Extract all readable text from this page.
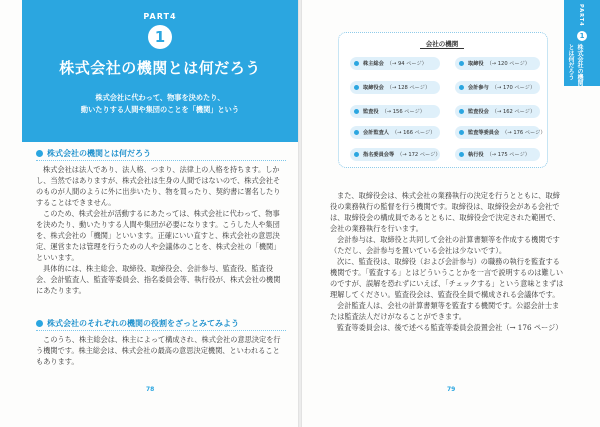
PART4
1
株式会社の機関とは何だろう
株式会社に代わって、物事を決めたり、
動いたりする人間や集団のことを「機関」という
株式会社の機関とは何だろう

株式会社は法人であり、法人格、つまり、法律上の人格を持ちます。しかし、当然ではありますが、株式会社は生身の人間ではないので、株式会社そのものが人間のように外に出歩いたり、物を買ったり、契約書に署名したりすることはできません。

このため、株式会社が活動するにあたっては、株式会社に代わって、物事を決めたり、動いたりする人間や集団が必要になります。こうした人や集団を、株式会社の「機関」といいます。正確にいい直すと、株式会社の意思決定、運営または管理を行うための人や会議体のことを、株式会社の「機関」といいます。

具体的には、株主総会、取締役、取締役会、会計参与、監査役、監査役会、会計監査人、監査等委員会、指名委員会等、執行役が、株式会社の機関にあたります。

株式会社のそれぞれの機関の役割をざっとみてみよう

このうち、株主総会は、株主によって構成され、株式会社の意思決定を行う機関です。株主総会は、株式会社の最高の意思決定機関、といわれることもあります。

78
PART4
1
株式会社の機関とは何だろう
会社の機関
株主総会 （→ 94 ページ）
取締役会 （→ 128 ページ）
監査役 （→ 156 ページ）
会計監査人 （→ 166 ページ）
指名委員会等 （→ 172 ページ）
取締役 （→ 120 ページ）
会計参与 （→ 170 ページ）
監査役会 （→ 162 ページ）
監査等委員会 （→ 176 ページ）
執行役 （→ 175 ページ）

また、取締役会は、株式会社の業務執行の決定を行うとともに、取締役の業務執行の監督を行う機関です。取締役は、取締役会がある会社では、取締役会の構成員であるとともに、取締役会で決定された範囲で、会社の業務執行を行います。

会計参与は、取締役と共同して会社の計算書類等を作成する機関です（ただし、会計参与を置いている会社は少ないです）。

次に、監査役は、取締役（および会計参与）の職務の執行を監査する機関です。「監査する」とはどういうことかを一言で説明するのは難しいのですが、誤解を恐れずにいえば、「チェックする」という意味とまずは理解してください。監査役会は、監査役全員で構成される会議体です。

会計監査人は、会社の計算書類等を監査する機関です。公認会計士または監査法人だけがなることができます。

監査等委員会は、後で述べる監査等委員会設置会社（→ 176 ページ）

79
